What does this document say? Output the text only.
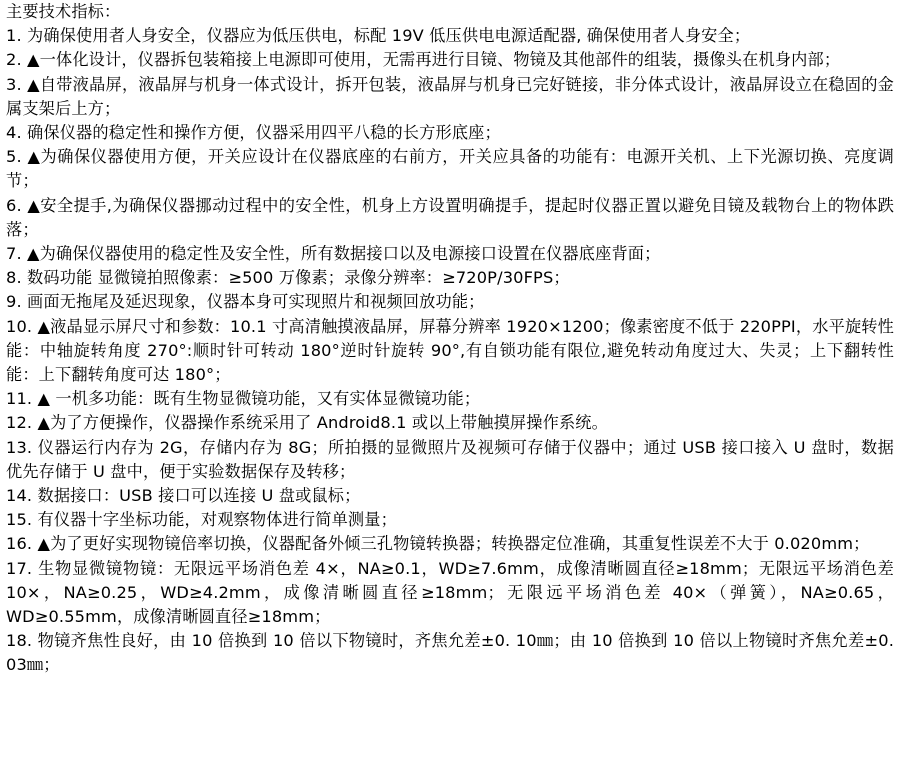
主要技术指标：

1. 为确保使用者人身安全，仪器应为低压供电，标配 19V 低压供电电源适配器, 确保使用者人身安全；

2. ▲一体化设计，仪器拆包装箱接上电源即可使用，无需再进行目镜、物镜及其他部件的组装，摄像头在机身内部；

3. ▲自带液晶屏，液晶屏与机身一体式设计，拆开包装，液晶屏与机身已完好链接，非分体式设计，液晶屏设立在稳固的金属支架后上方；

4. 确保仪器的稳定性和操作方便，仪器采用四平八稳的长方形底座；

5. ▲为确保仪器使用方便，开关应设计在仪器底座的右前方，开关应具备的功能有：电源开关机、上下光源切换、亮度调节；

6. ▲安全提手,为确保仪器挪动过程中的安全性，机身上方设置明确提手，提起时仪器正置以避免目镜及载物台上的物体跌落；

7. ▲为确保仪器使用的稳定性及安全性，所有数据接口以及电源接口设置在仪器底座背面；

8. 数码功能 显微镜拍照像素：≥500 万像素；录像分辨率：≥720P/30FPS；

9. 画面无拖尾及延迟现象，仪器本身可实现照片和视频回放功能；

10. ▲液晶显示屏尺寸和参数：10.1 寸高清触摸液晶屏，屏幕分辨率 1920×1200；像素密度不低于 220PPI，水平旋转性能：中轴旋转角度 270°:顺时针可转动 180°逆时针旋转 90°,有自锁功能有限位,避免转动角度过大、失灵；上下翻转性能：上下翻转角度可达 180°；

11. ▲ 一机多功能：既有生物显微镜功能，又有实体显微镜功能；

12. ▲为了方便操作，仪器操作系统采用了 Android8.1 或以上带触摸屏操作系统。

13. 仪器运行内存为 2G，存储内存为 8G；所拍摄的显微照片及视频可存储于仪器中；通过 USB 接口接入 U 盘时，数据优先存储于 U 盘中，便于实验数据保存及转移；

14. 数据接口：USB 接口可以连接 U 盘或鼠标；

15. 有仪器十字坐标功能，对观察物体进行简单测量；

16. ▲为了更好实现物镜倍率切换，仪器配备外倾三孔物镜转换器；转换器定位准确，其重复性误差不大于 0.020mm；

17. 生物显微镜物镜：无限远平场消色差 4×，NA≥0.1，WD≥7.6mm，成像清晰圆直径≥18mm；无限远平场消色差 10×，NA≥0.25，WD≥4.2mm，成像清晰圆直径≥18mm；无限远平场消色差 40×（弹簧），NA≥0.65，WD≥0.55mm，成像清晰圆直径≥18mm；

18. 物镜齐焦性良好，由 10 倍换到 10 倍以下物镜时，齐焦允差±0. 10㎜；由 10 倍换到 10 倍以上物镜时齐焦允差±0. 03㎜；
